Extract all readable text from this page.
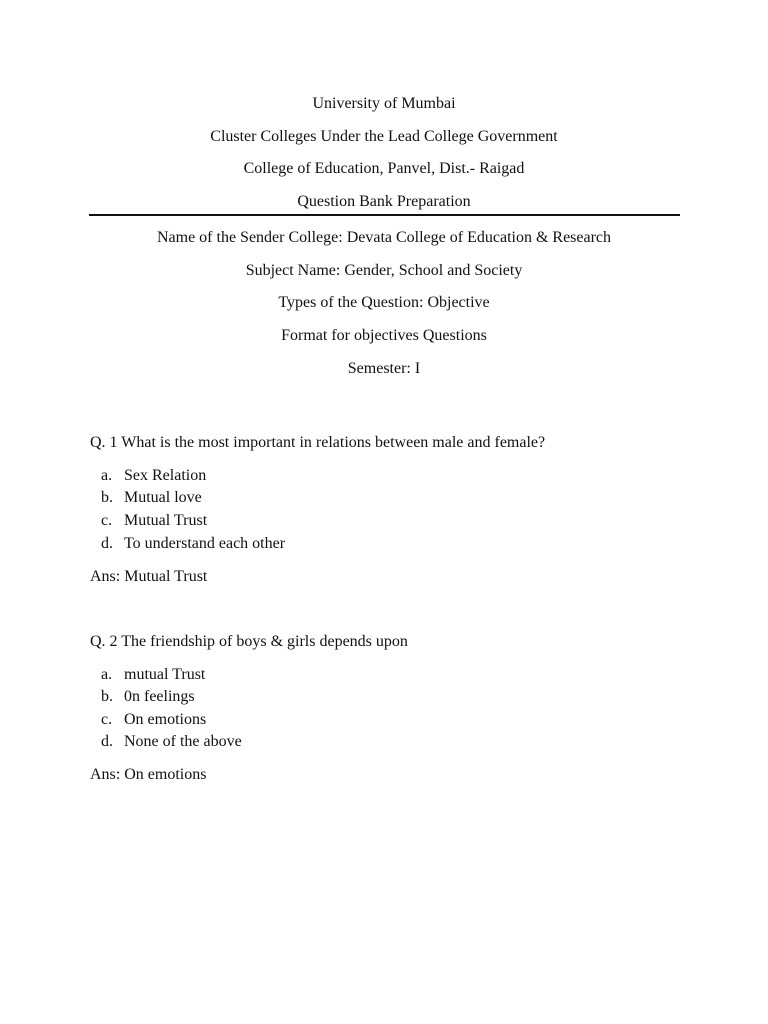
University of Mumbai
Cluster Colleges Under the Lead College Government
College of Education, Panvel, Dist.- Raigad
Question Bank Preparation
Name of the Sender College: Devata College of Education & Research
Subject Name: Gender, School and Society
Types of the Question: Objective
Format for objectives Questions
Semester: I
Q. 1 What is the most important in relations between male and female?
a. Sex Relation
b. Mutual love
c. Mutual Trust
d. To understand each other
Ans: Mutual Trust
Q. 2 The friendship of boys & girls depends upon
a. mutual Trust
b. 0n feelings
c. On emotions
d. None of the above
Ans: On emotions
